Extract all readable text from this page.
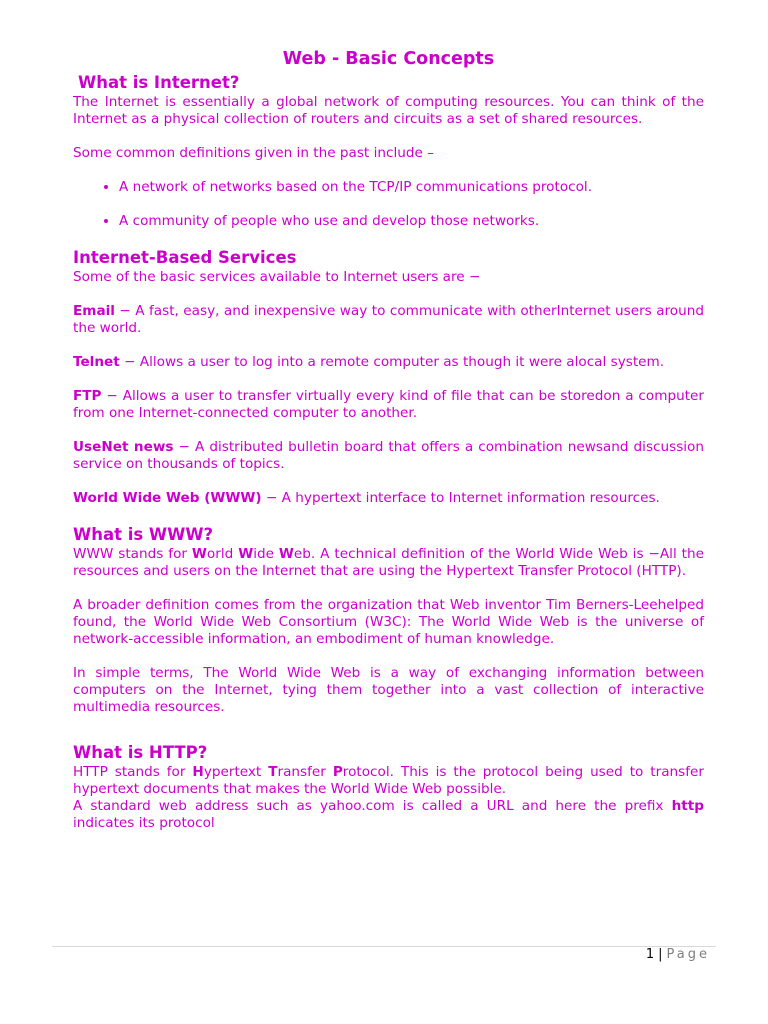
Web - Basic Concepts
What is Internet?

The Internet is essentially a global network of computing resources. You can think of the Internet as a physical collection of routers and circuits as a set of shared resources.

Some common definitions given in the past include –

• A network of networks based on the TCP/IP communications protocol.
• A community of people who use and develop those networks.
Internet-Based Services

Some of the basic services available to Internet users are −

Email − A fast, easy, and inexpensive way to communicate with otherInternet users around the world.

Telnet − Allows a user to log into a remote computer as though it were alocal system.

FTP − Allows a user to transfer virtually every kind of file that can be storedon a computer from one Internet-connected computer to another.

UseNet news − A distributed bulletin board that offers a combination newsand discussion service on thousands of topics.

World Wide Web (WWW) − A hypertext interface to Internet information resources.

What is WWW?

WWW stands for World Wide Web. A technical definition of the World Wide Web is −All the resources and users on the Internet that are using the Hypertext Transfer Protocol (HTTP).

A broader definition comes from the organization that Web inventor Tim Berners-Leehelped found, the World Wide Web Consortium (W3C): The World Wide Web is the universe of network-accessible information, an embodiment of human knowledge.

In simple terms, The World Wide Web is a way of exchanging information between computers on the Internet, tying them together into a vast collection of interactive multimedia resources.

What is HTTP?

HTTP stands for Hypertext Transfer Protocol. This is the protocol being used to transfer hypertext documents that makes the World Wide Web possible.

A standard web address such as yahoo.com is called a URL and here the prefix http indicates its protocol

1 | Page
